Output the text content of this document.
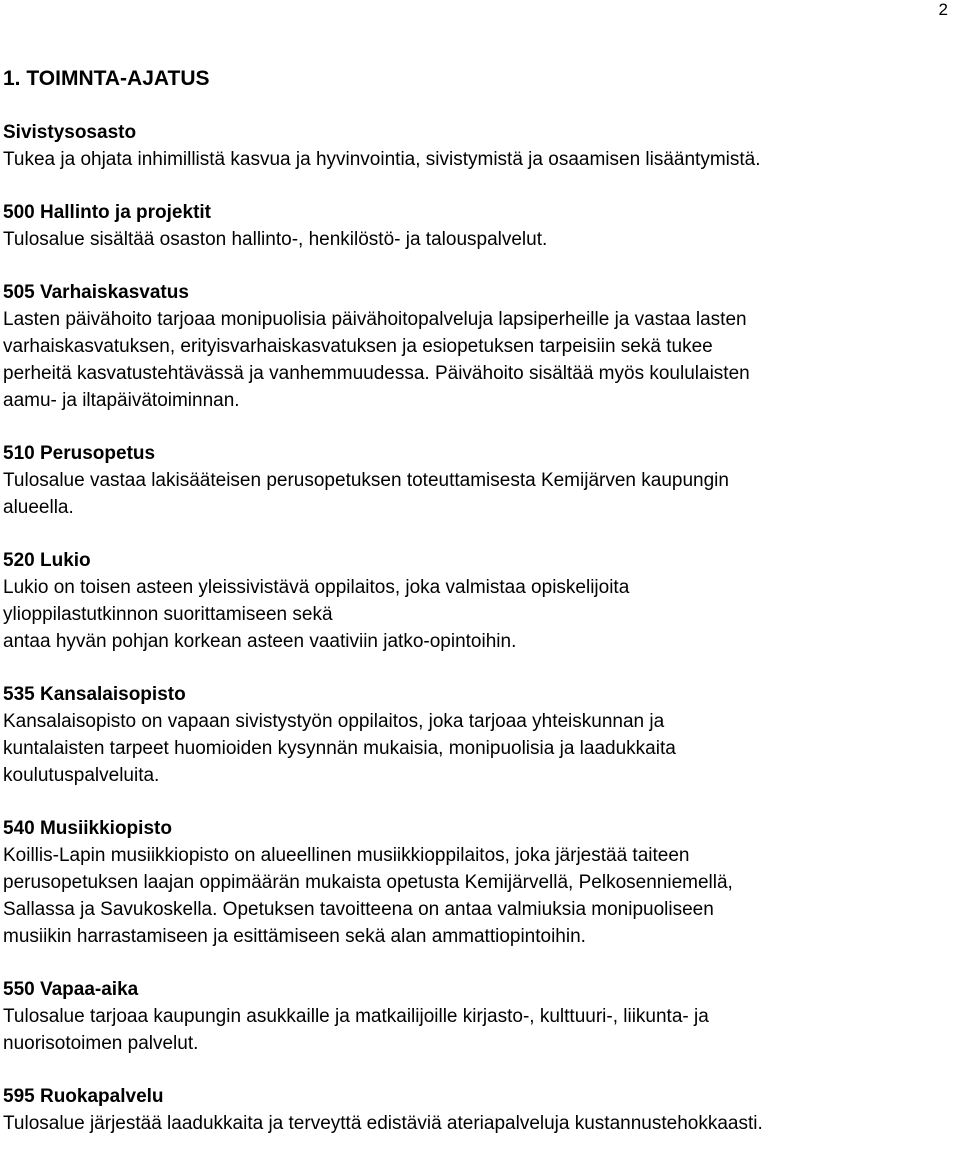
2
1. TOIMNTA-AJATUS

Sivistysosasto

Tukea ja ohjata inhimillistä kasvua ja hyvinvointia, sivistymistä ja osaamisen lisääntymistä.

500 Hallinto ja projektit

Tulosalue sisältää osaston hallinto-, henkilöstö- ja talouspalvelut.

505 Varhaiskasvatus

Lasten päivähoito tarjoaa monipuolisia päivähoitopalveluja lapsiperheille ja vastaa lasten
varhaiskasvatuksen, erityisvarhaiskasvatuksen ja esiopetuksen tarpeisiin sekä tukee
perheitä kasvatustehtävässä ja vanhemmuudessa. Päivähoito sisältää myös koululaisten
aamu- ja iltapäivätoiminnan.

510 Perusopetus

Tulosalue vastaa lakisääteisen perusopetuksen toteuttamisesta Kemijärven kaupungin
alueella.

520 Lukio

Lukio on toisen asteen yleissivistävä oppilaitos, joka valmistaa opiskelijoita
ylioppilastutkinnon suorittamiseen sekä
antaa hyvän pohjan korkean asteen vaativiin jatko-opintoihin.

535 Kansalaisopisto

Kansalaisopisto on vapaan sivistystyön oppilaitos, joka tarjoaa yhteiskunnan ja
kuntalaisten tarpeet huomioiden kysynnän mukaisia, monipuolisia ja laadukkaita
koulutuspalveluita.

540 Musiikkiopisto

Koillis-Lapin musiikkiopisto on alueellinen musiikkioppilaitos, joka järjestää taiteen
perusopetuksen laajan oppimäärän mukaista opetusta Kemijärvellä, Pelkosenniemellä,
Sallassa ja Savukoskella. Opetuksen tavoitteena on antaa valmiuksia monipuoliseen
musiikin harrastamiseen ja esittämiseen sekä alan ammattiopintoihin.

550 Vapaa-aika

Tulosalue tarjoaa kaupungin asukkaille ja matkailijoille kirjasto-, kulttuuri-, liikunta- ja
nuorisotoimen palvelut.

595 Ruokapalvelu

Tulosalue järjestää laadukkaita ja terveyttä edistäviä ateriapalveluja kustannustehokkaasti.
